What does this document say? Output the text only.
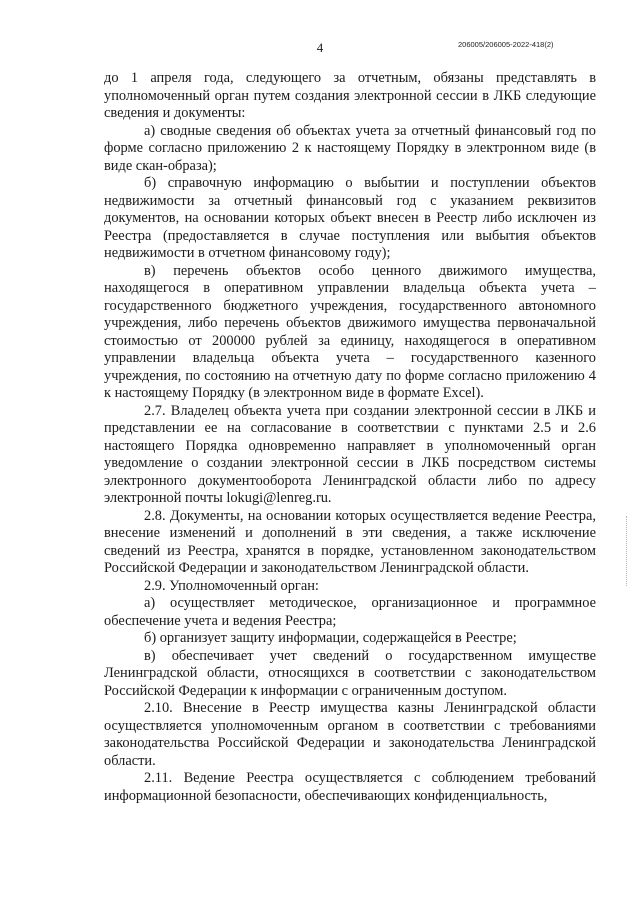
206005/206005-2022-418(2)
4

до 1 апреля года, следующего за отчетным, обязаны представлять в уполномоченный орган путем создания электронной сессии в ЛКБ следующие сведения и документы:

а) сводные сведения об объектах учета за отчетный финансовый год по форме согласно приложению 2 к настоящему Порядку в электронном виде (в виде скан-образа);

б) справочную информацию о выбытии и поступлении объектов недвижимости за отчетный финансовый год с указанием реквизитов документов, на основании которых объект внесен в Реестр либо исключен из Реестра (предоставляется в случае поступления или выбытия объектов недвижимости в отчетном финансовому году);

в) перечень объектов особо ценного движимого имущества, находящегося в оперативном управлении владельца объекта учета – государственного бюджетного учреждения, государственного автономного учреждения, либо перечень объектов движимого имущества первоначальной стоимостью от 200000 рублей за единицу, находящегося в оперативном управлении владельца объекта учета – государственного казенного учреждения, по состоянию на отчетную дату по форме согласно приложению 4 к настоящему Порядку (в электронном виде в формате Excel).

2.7. Владелец объекта учета при создании электронной сессии в ЛКБ и представлении ее на согласование в соответствии с пунктами 2.5 и 2.6 настоящего Порядка одновременно направляет в уполномоченный орган уведомление о создании электронной сессии в ЛКБ посредством системы электронного документооборота Ленинградской области либо по адресу электронной почты lokugi@lenreg.ru.

2.8. Документы, на основании которых осуществляется ведение Реестра, внесение изменений и дополнений в эти сведения, а также исключение сведений из Реестра, хранятся в порядке, установленном законодательством Российской Федерации и законодательством Ленинградской области.

2.9. Уполномоченный орган:

а) осуществляет методическое, организационное и программное обеспечение учета и ведения Реестра;

б) организует защиту информации, содержащейся в Реестре;

в) обеспечивает учет сведений о государственном имуществе Ленинградской области, относящихся в соответствии с законодательством Российской Федерации к информации с ограниченным доступом.

2.10. Внесение в Реестр имущества казны Ленинградской области осуществляется уполномоченным органом в соответствии с требованиями законодательства Российской Федерации и законодательства Ленинградской области.

2.11. Ведение Реестра осуществляется с соблюдением требований информационной безопасности, обеспечивающих конфиденциальность,
